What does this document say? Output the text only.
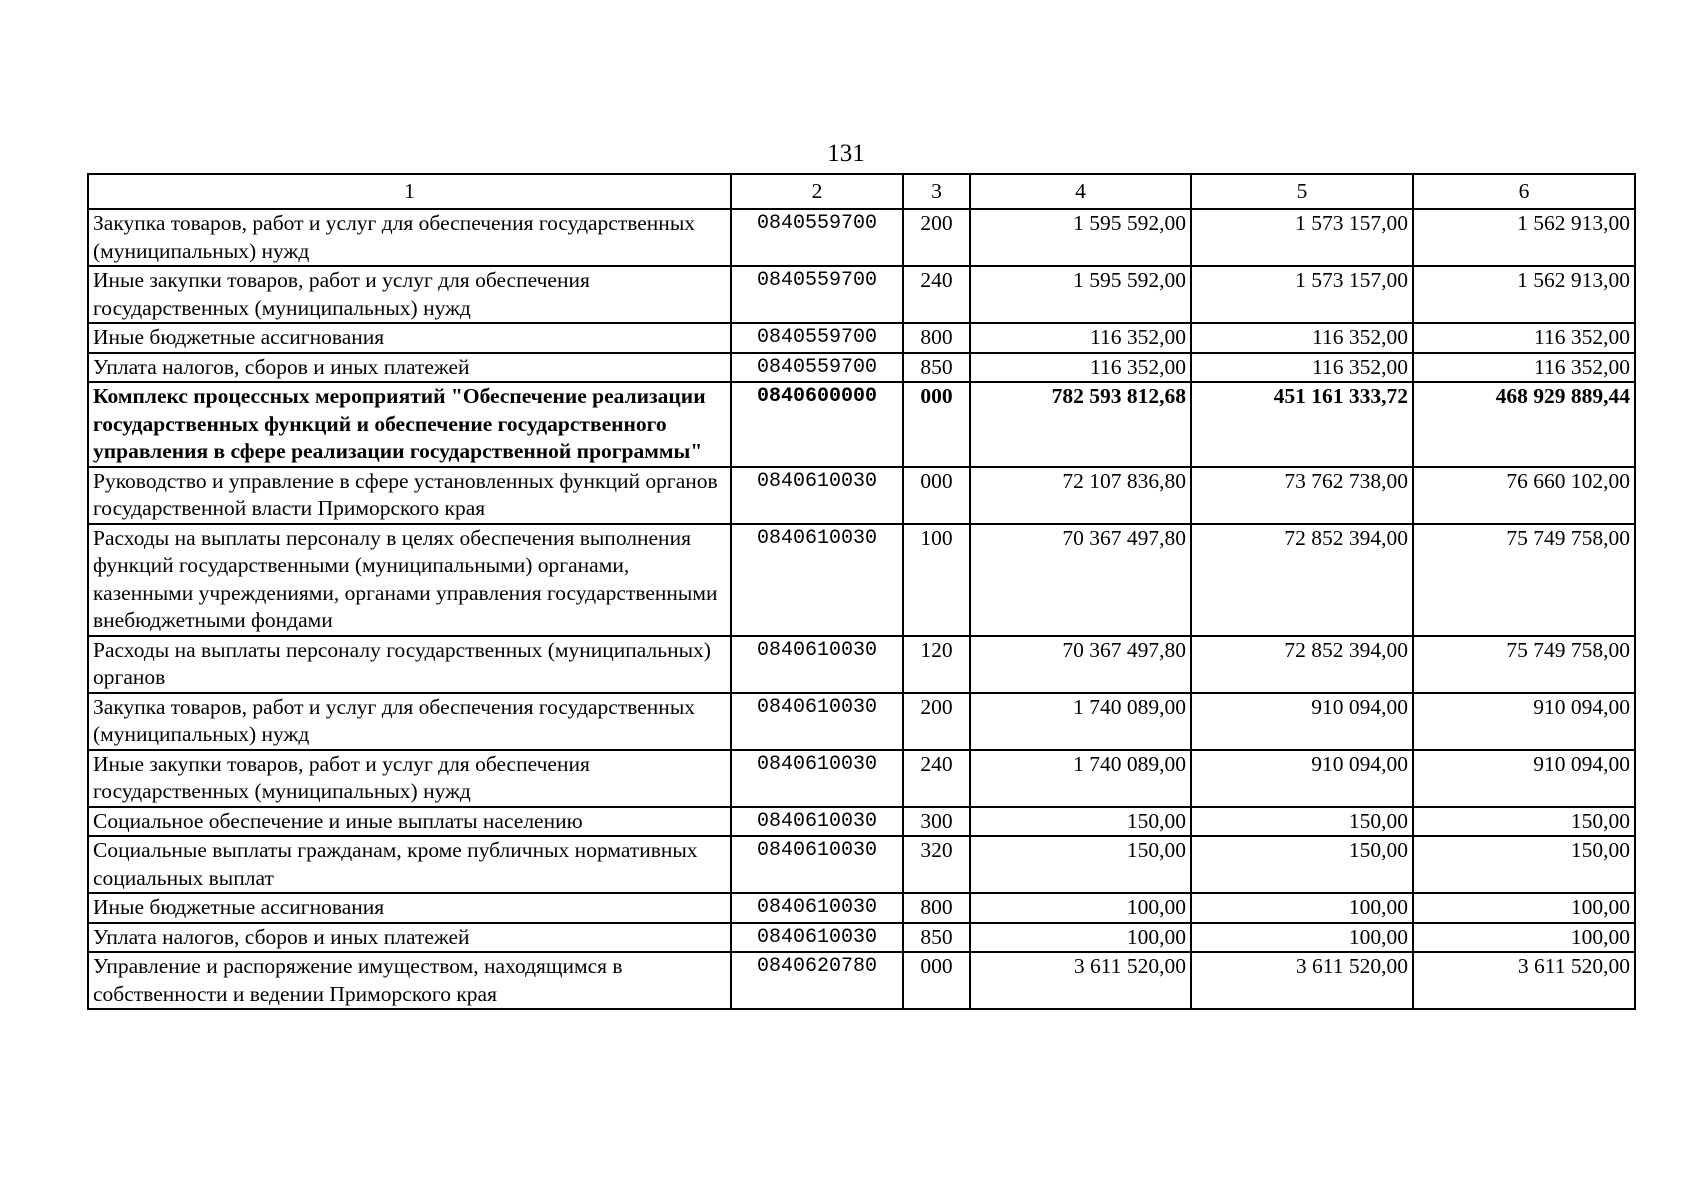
131
1	2	3	4	5	6
Закупка товаров, работ и услуг для обеспечения государственных (муниципальных) нужд	0840559700	200	1 595 592,00	1 573 157,00	1 562 913,00
Иные закупки товаров, работ и услуг для обеспечения государственных (муниципальных) нужд	0840559700	240	1 595 592,00	1 573 157,00	1 562 913,00
Иные бюджетные ассигнования	0840559700	800	116 352,00	116 352,00	116 352,00
Уплата налогов, сборов и иных платежей	0840559700	850	116 352,00	116 352,00	116 352,00
Комплекс процессных мероприятий "Обеспечение реализации государственных функций и обеспечение государственного управления в сфере реализации государственной программы"	0840600000	000	782 593 812,68	451 161 333,72	468 929 889,44
Руководство и управление в сфере установленных функций органов государственной власти Приморского края	0840610030	000	72 107 836,80	73 762 738,00	76 660 102,00
Расходы на выплаты персоналу в целях обеспечения выполнения функций государственными (муниципальными) органами, казенными учреждениями, органами управления государственными внебюджетными фондами	0840610030	100	70 367 497,80	72 852 394,00	75 749 758,00
Расходы на выплаты персоналу государственных (муниципальных) органов	0840610030	120	70 367 497,80	72 852 394,00	75 749 758,00
Закупка товаров, работ и услуг для обеспечения государственных (муниципальных) нужд	0840610030	200	1 740 089,00	910 094,00	910 094,00
Иные закупки товаров, работ и услуг для обеспечения государственных (муниципальных) нужд	0840610030	240	1 740 089,00	910 094,00	910 094,00
Социальное обеспечение и иные выплаты населению	0840610030	300	150,00	150,00	150,00
Социальные выплаты гражданам, кроме публичных нормативных социальных выплат	0840610030	320	150,00	150,00	150,00
Иные бюджетные ассигнования	0840610030	800	100,00	100,00	100,00
Уплата налогов, сборов и иных платежей	0840610030	850	100,00	100,00	100,00
Управление и распоряжение имуществом, находящимся в собственности и ведении Приморского края	0840620780	000	3 611 520,00	3 611 520,00	3 611 520,00
